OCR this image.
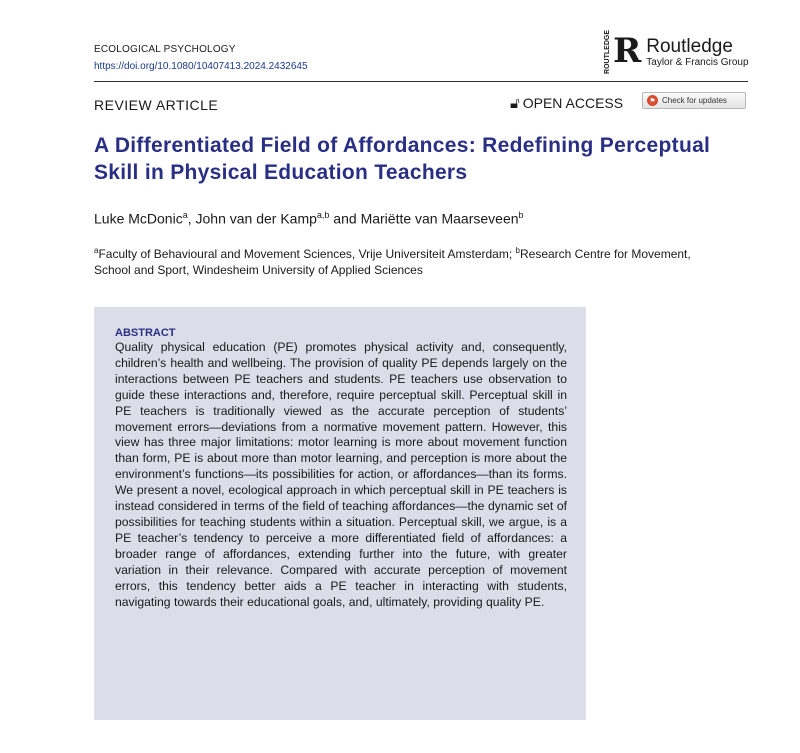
ECOLOGICAL PSYCHOLOGY
https://doi.org/10.1080/10407413.2024.2432645	ROUTLEDGE R Routledge
Taylor & Francis Group
REVIEW ARTICLE	🔓︎ OPEN ACCESS	⚑ Check for updates
A Differentiated Field of Affordances: Redefining Perceptual Skill in Physical Education Teachers
Luke McDonic$^a$, John van der Kamp$^{a,b}$ and Mariëtte van Maarseveen$^b$
$^a$Faculty of Behavioural and Movement Sciences, Vrije Universiteit Amsterdam; $^b$Research Centre for Movement, School and Sport, Windesheim University of Applied Sciences
ABSTRACT
Quality physical education (PE) promotes physical activity and, consequently, children’s health and wellbeing. The provision of quality PE depends largely on the interactions between PE teachers and students. PE teachers use observation to guide these interactions and, therefore, require perceptual skill. Perceptual skill in PE teachers is traditionally viewed as the accurate perception of students’ movement errors—deviations from a normative movement pattern. However, this view has three major limitations: motor learning is more about movement function than form, PE is about more than motor learning, and perception is more about the environment’s functions—its possibilities for action, or affordances—than its forms. We present a novel, ecological approach in which perceptual skill in PE teachers is instead considered in terms of the field of teaching affordances—the dynamic set of possibilities for teaching students within a situation. Perceptual skill, we argue, is a PE teacher’s tendency to perceive a more differentiated field of affordances: a broader range of affordances, extending further into the future, with greater variation in their relevance. Compared with accurate perception of movement errors, this tendency better aids a PE teacher in interacting with students, navigating towards their educational goals, and, ultimately, providing quality PE.
